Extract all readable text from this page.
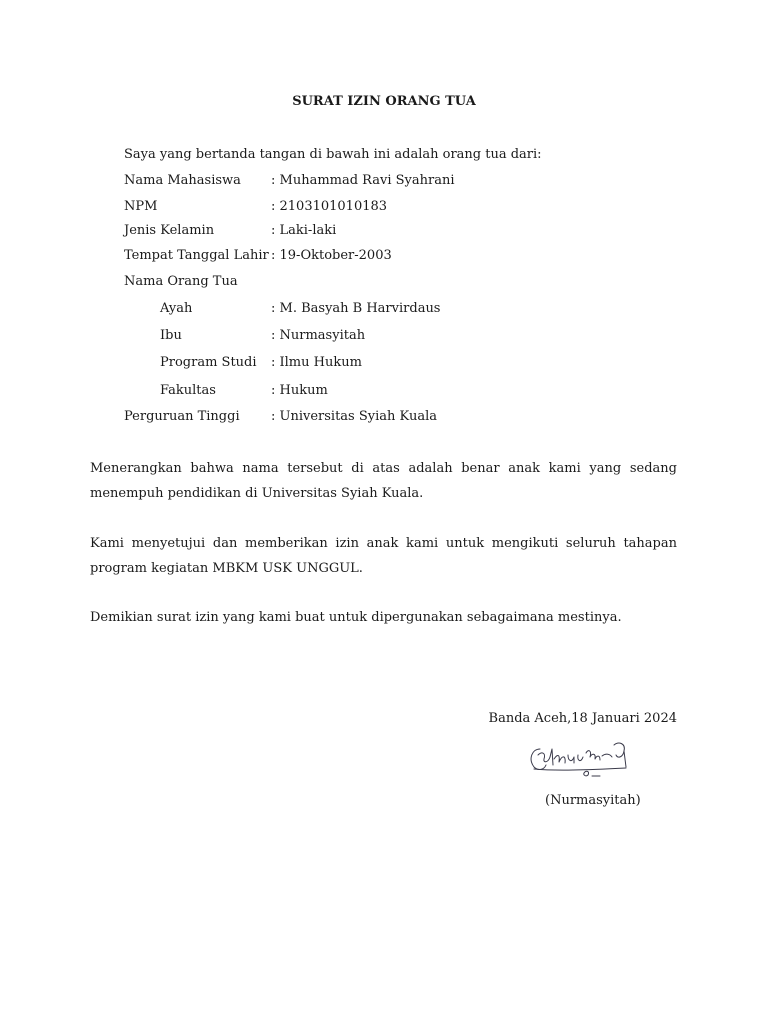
SURAT IZIN ORANG TUA
Saya yang bertanda tangan di bawah ini adalah orang tua dari:
Nama Mahasiswa : Muhammad Ravi Syahrani
NPM	: 2103101010183
Jenis Kelamin	: Laki-laki
Tempat Tanggal Lahir : 19-Oktober-2003
Nama Orang Tua
Ayah	: M. Basyah B Harvirdaus
Ibu	: Nurmasyitah
Program Studi : Ilmu Hukum
Fakultas	: Hukum
Perguruan Tinggi : Universitas Syiah Kuala
Menerangkan bahwa nama tersebut di atas adalah benar anak kami yang sedang menempuh pendidikan di Universitas Syiah Kuala.
Kami menyetujui dan memberikan izin anak kami untuk mengikuti seluruh tahapan program kegiatan MBKM USK UNGGUL.
Demikian surat izin yang kami buat untuk dipergunakan sebagaimana mestinya.
Banda Aceh,18 Januari 2024
(Nurmasyitah)
